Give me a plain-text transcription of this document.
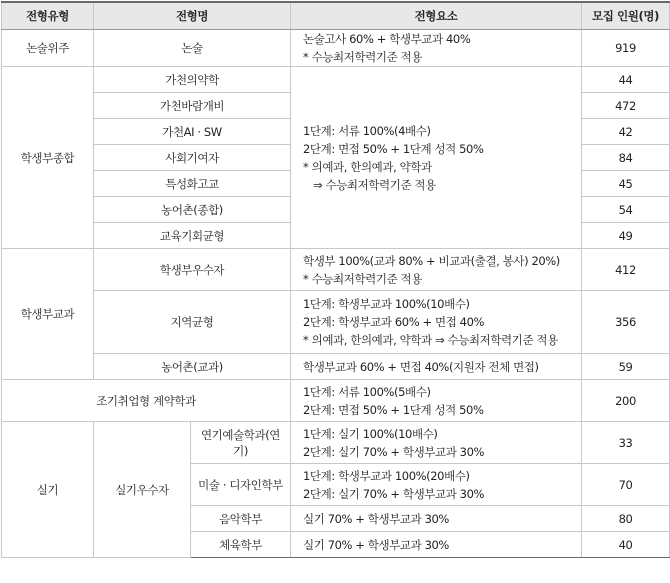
전형유형	전형명		전형요소	모집 인원(명)
논술위주	논술		논술고사 60% + 학생부교과 40%
* 수능최저학력기준 적용	919
학생부종합	가천의약학		1단계: 서류 100%(4배수)
2단계: 면접 50% + 1단계 성적 50%
* 의예과, 한의예과, 약학과
⇒ 수능최저학력기준 적용	44
	가천바람개비			472
	가천AI · SW			42
	사회기여자			84
	특성화고교			45
	농어촌(종합)			54
	교육기회균형			49
학생부교과	학생부우수자		학생부 100%(교과 80% + 비교과(출결, 봉사) 20%)
* 수능최저학력기준 적용	412
	지역균형		1단계: 학생부교과 100%(10배수)
2단계: 학생부교과 60% + 면접 40%
* 의예과, 한의예과, 약학과 ⇒ 수능최저학력기준 적용	356
	농어촌(교과)		학생부교과 60% + 면접 40%(지원자 전체 면접)	59
조기취업형 계약학과			1단계: 서류 100%(5배수)
2단계: 면접 50% + 1단계 성적 50%	200
실기	실기우수자	연기예술학과(연기)	1단계: 실기 100%(10배수)
2단계: 실기 70% + 학생부교과 30%	33
		미술 · 디자인학부	1단계: 학생부교과 100%(20배수)
2단계: 실기 70% + 학생부교과 30%	70
		음악학부	실기 70% + 학생부교과 30%	80
		체육학부	실기 70% + 학생부교과 30%	40
